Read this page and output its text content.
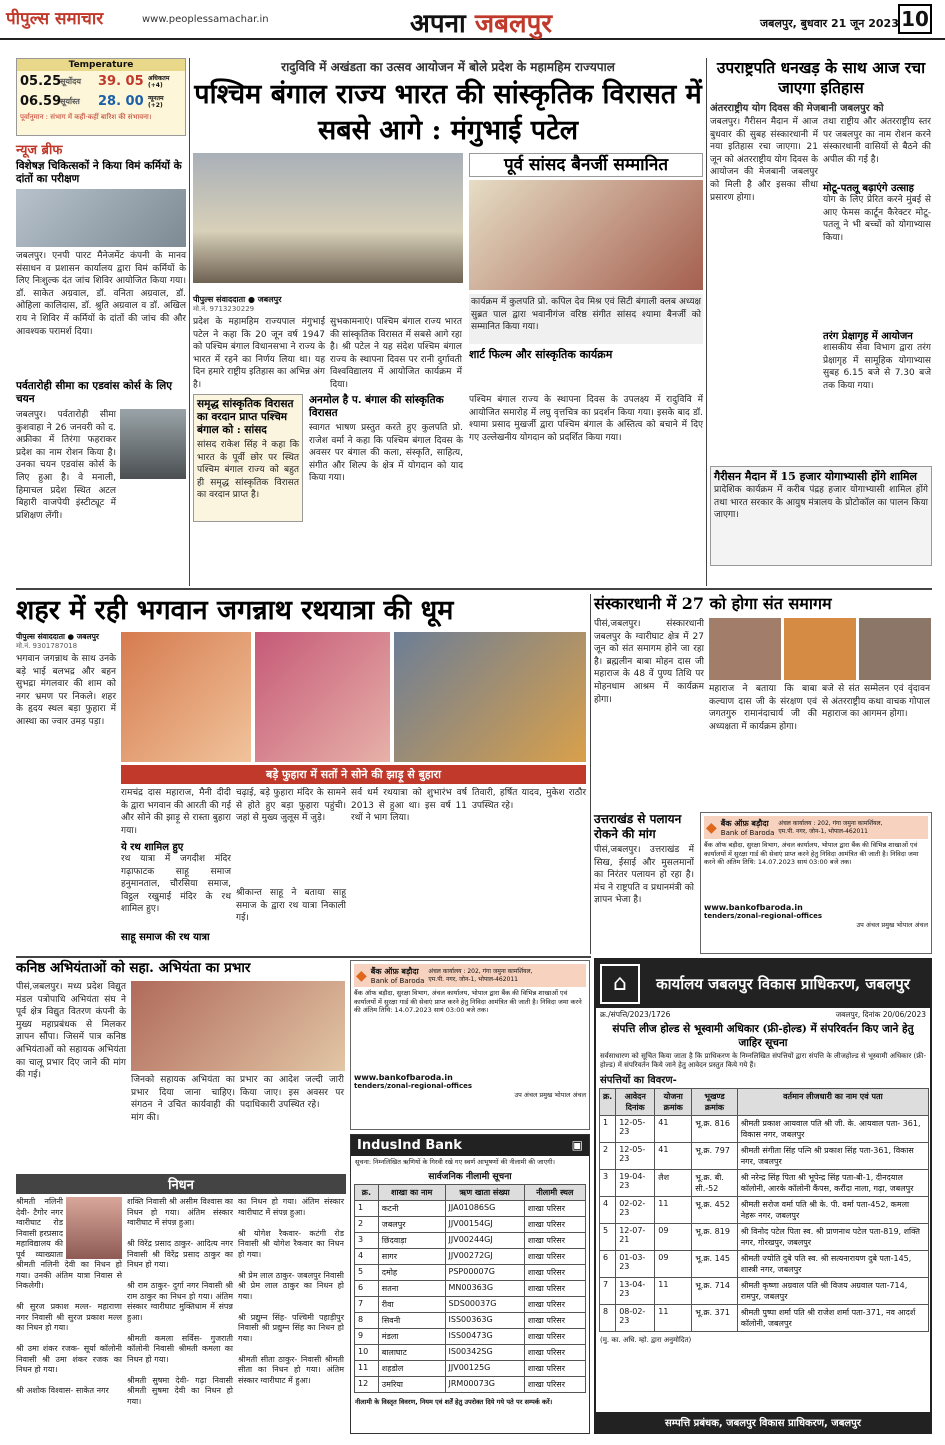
पीपुल्स समाचार	www.peoplessamachar.in	अपना जबलपुर	जबलपुर, बुधवार 21 जून 2023 10
Temperature
05.25
सूर्योदय	39. 05 अधिकतम (+4)
06.59
सूर्यास्त	28. 00 न्यूनतम (+2)
पूर्वानुमान : संभाग में कहीं-कहीं बारिश की संभावना।
न्यूज ब्रीफ
विशेषज्ञ चिकित्सकों ने किया विमं कर्मियों के दांतों का परीक्षण
जबलपुर। एनपी पारट मैनेजमेंट कंपनी के मानव संसाधन व प्रशासन कार्यालय द्वारा विमं कर्मियों के लिए निःशुल्क दंत जांच शिविर आयोजित किया गया। डॉ. साकेत अग्रवाल, डॉ. वनिता अग्रवाल, डॉ. ओहिला कालिदास, डॉ. श्रुति अग्रवाल व डॉ. अखिल राय ने शिविर में कर्मियों के दांतों की जांच की और आवश्यक परामर्श दिया।
पर्वतारोही सीमा का एडवांस कोर्स के लिए चयन
जबलपुर। पर्वतारोही सीमा कुशवाहा ने 26 जनवरी को द. अफ्रीका में तिरंगा फहराकर प्रदेश का नाम रोशन किया है। उनका चयन एडवांस कोर्स के लिए हुआ है। वे मनाली, हिमाचल प्रदेश स्थित अटल बिहारी वाजपेयी इंस्टीट्यूट में प्रशिक्षण लेंगी।
रादुविवि में अखंडता का उत्सव आयोजन में बोले प्रदेश के महामहिम राज्यपाल
पश्चिम बंगाल राज्य भारत की सांस्कृतिक विरासत में सबसे आगे : मंगुभाई पटेल
पूर्व सांसद बैनर्जी सम्मानित
पीपुल्स संवाददाता ● जबलपुर
मो.नं. 9713230229
प्रदेश के महामहिम राज्यपाल मंगुभाई पटेल ने कहा कि 20 जून वर्ष 1947 को पश्चिम बंगाल विधानसभा ने राज्य के भारत में रहने का निर्णय लिया था। यह दिन हमारे राष्ट्रीय इतिहास का अभिन्न अंग है।
सुभकामनाएं। पश्चिम बंगाल राज्य भारत की सांस्कृतिक विरासत में सबसे आगे रहा है। श्री पटेल ने यह संदेश पश्चिम बंगाल राज्य के स्थापना दिवस पर रानी दुर्गावती विश्वविद्यालय में आयोजित कार्यक्रम में दिया।
कार्यक्रम में कुलपति प्रो. कपिल देव मिश्र एवं सिटी बंगाली क्लब अध्यक्ष सुब्रत पाल द्वारा भवानीगंज वरिष्ठ संगीत सांसद श्यामा बैनर्जी को सम्मानित किया गया।
शार्ट फिल्म और सांस्कृतिक कार्यक्रम
समृद्ध सांस्कृतिक विरासत का वरदान प्राप्त पश्चिम बंगाल को : सांसद
सांसद राकेश सिंह ने कहा कि भारत के पूर्वी छोर पर स्थित पश्चिम बंगाल राज्य को बहुत ही समृद्ध सांस्कृतिक विरासत का वरदान प्राप्त है।
अनमोल है प. बंगाल की सांस्कृतिक विरासत
स्वागत भाषण प्रस्तुत करते हुए कुलपति प्रो. राजेश वर्मा ने कहा कि पश्चिम बंगाल दिवस के अवसर पर बंगाल की कला, संस्कृति, साहित्य, संगीत और शिल्प के क्षेत्र में योगदान को याद किया गया।
पश्चिम बंगाल राज्य के स्थापना दिवस के उपलक्ष्य में रादुविवि में आयोजित समारोह में लघु वृत्तचित्र का प्रदर्शन किया गया। इसके बाद डॉ. श्यामा प्रसाद मुखर्जी द्वारा पश्चिम बंगाल के अस्तित्व को बचाने में दिए गए उल्लेखनीय योगदान को प्रदर्शित किया गया।
उपराष्ट्रपति धनखड़ के साथ आज रचा जाएगा इतिहास
अंतरराष्ट्रीय योग दिवस की मेजबानी जबलपुर को
जबलपुर। गैरीसन मैदान में आज बुधवार की सुबह संस्कारधानी में नया इतिहास रचा जाएगा। 21 जून को अंतरराष्ट्रीय योग दिवस के आयोजन की मेजबानी जबलपुर को मिली है और इसका सीधा प्रसारण होगा।
तथा राष्ट्रीय और अंतरराष्ट्रीय स्तर पर जबलपुर का नाम रोशन करने संस्कारधानी वासियों से बैठने की अपील की गई है।
मोटू-पतलू बढ़ाएंगे उत्साह
योग के लिए प्रेरित करने मुंबई से आए फेमस कार्टून कैरेक्टर मोटू-पतलू ने भी बच्चों को योगाभ्यास किया।
तरंग प्रेक्षागृह में आयोजन
शासकीय सेवा विभाग द्वारा तरंग प्रेक्षागृह में सामूहिक योगाभ्यास सुबह 6.15 बजे से 7.30 बजे तक किया गया।
गैरीसन मैदान में 15 हजार योगाभ्यासी होंगे शामिल
प्रादेशिक कार्यक्रम में करीब पंद्रह हजार योगाभ्यासी शामिल होंगे तथा भारत सरकार के आयुष मंत्रालय के प्रोटोकॉल का पालन किया जाएगा।
शहर में रही भगवान जगन्नाथ रथयात्रा की धूम
पीपुल्स संवाददाता ● जबलपुर
मो.नं. 9301787018
भगवान जगन्नाथ के साथ उनके बड़े भाई बलभद्र और बहन सुभद्रा मंगलवार की शाम को नगर भ्रमण पर निकले। शहर के हृदय स्थल बड़ा फुहारा में आस्था का ज्वार उमड़ पड़ा।
बड़े फुहारा में सतों ने सोने की झाड़ू से बुहारा
रामचंद्र दास महाराज, मैनी दीदी के द्वारा भगवान की आरती की गई और सोने की झाड़ू से रास्ता बुहारा गया।
ये रथ शामिल हुए
रथ यात्रा में जगदीश मंदिर गढ़ाफाटक साहू समाज हनुमानताल, चौरसिया समाज, विट्ठल रखुमाई मंदिर के रथ शामिल हुए।
साहू समाज की रथ यात्रा
चढ़ाई, बड़े फुहारा मंदिर के सामने से होते हुए बड़ा फुहारा पहुंची। जहां से मुख्य जुलूस में जुड़े।
श्रीकान्त साहू ने बताया साहू समाज के द्वारा रथ यात्रा निकाली गई।
सर्व धर्म रथयात्रा को शुभारंभ वर्ष 2013 से हुआ था। इस वर्ष 11 रथों ने भाग लिया।
तिवारी, हर्षित यादव, मुकेश राठौर उपस्थित रहे।
संस्कारधानी में 27 को होगा संत समागम
पीसं,जबलपुर। संस्कारधानी जबलपुर के ग्वारीघाट क्षेत्र में 27 जून को संत समागम होने जा रहा है। ब्रह्मलीन बाबा मोहन दास जी महाराज के 48 वें पुण्य तिथि पर मोहनधाम आश्रम में कार्यक्रम होगा।
महाराज ने बताया कि बाबा कल्याण दास जी के संरक्षण एवं जगतगुरु रामानंदाचार्य जी की अध्यक्षता में कार्यक्रम होगा।
बजे से संत सम्मेलन एवं वृंदावन से अंतरराष्ट्रीय कथा वाचक गोपाल महाराज का आगमन होगा।
उत्तराखंड से पलायन रोकने की मांग
पीसं,जबलपुर। उत्तराखंड में सिख, ईसाई और मुसलमानों का निरंतर पलायन हो रहा है। मंच ने राष्ट्रपति व प्रधानमंत्री को ज्ञापन भेजा है।
◆ बैंक ऑफ़ बड़ौदा
Bank of Baroda
अंचल कार्यालय : 202, गंगा जमुना कामर्शियल, एम.पी. नगर, जोन-1, भोपाल-462011
बैंक ऑफ बड़ौदा, सुरक्षा विभाग, अंचल कार्यालय, भोपाल द्वारा बैंक की विभिन्न शाखाओं एवं कार्यालयों में सुरक्षा गार्ड की सेवाएं प्राप्त करने हेतु निविदा आमंत्रित की जाती है। निविदा जमा करने की अंतिम तिथि: 14.07.2023 सायं 03:00 बजे तक।
www.bankofbaroda.in
tenders/zonal-regional-offices
उप अंचल प्रमुख भोपाल अंचल
कनिष्ठ अभियंताओं को सहा. अभियंता का प्रभार
पीसं,जबलपुर। मध्य प्रदेश विद्युत मंडल पत्रोपाधि अभियंता संघ ने पूर्व क्षेत्र विद्युत वितरण कंपनी के मुख्य महाप्रबंधक से मिलकर ज्ञापन सौंपा। जिसमें पात्र कनिष्ठ अभियंताओं को सहायक अभियंता का चालू प्रभार दिए जाने की मांग की गई।	जिनको सहायक अभियंता का प्रभार दिया जाना चाहिए। संगठन ने उचित कार्यवाही की मांग की।
प्रभार का आदेश जल्दी जारी किया जाए। इस अवसर पर पदाधिकारी उपस्थित रहे।
◆ बैंक ऑफ़ बड़ौदा
Bank of Baroda
अंचल कार्यालय : 202, गंगा जमुना कामर्शियल, एम.पी. नगर, जोन-1, भोपाल-462011
बैंक ऑफ बड़ौदा, सुरक्षा विभाग, अंचल कार्यालय, भोपाल द्वारा बैंक की विभिन्न शाखाओं एवं कार्यालयों में सुरक्षा गार्ड की सेवाएं प्राप्त करने हेतु निविदा आमंत्रित की जाती है। निविदा जमा करने की अंतिम तिथि: 14.07.2023 सायं 03:00 बजे तक।
www.bankofbaroda.in
tenders/zonal-regional-offices
उप अंचल प्रमुख भोपाल अंचल
IndusInd Bank	▣
सूचना: निम्नलिखित ऋणियों के गिरवी रखे गए स्वर्ण आभूषणों की नीलामी की जाएगी।
सार्वजनिक नीलामी सूचना
क्र.	शाखा का नाम	ऋण खाता संख्या	नीलामी स्थल
1	कटनी	JJA01086SG	शाखा परिसर
2	जबलपुर	JJV00154GJ	शाखा परिसर
3	छिंदवाड़ा	JJV00244GJ	शाखा परिसर
4	सागर	JJV00272GJ	शाखा परिसर
5	दमोह	PSP00007G	शाखा परिसर
6	सतना	MN00363G	शाखा परिसर
7	रीवा	SDS00037G	शाखा परिसर
8	सिवनी	ISS00363G	शाखा परिसर
9	मंडला	ISS00473G	शाखा परिसर
10	बालाघाट	IS00342SG	शाखा परिसर
11	शहडोल	JJV00125G	शाखा परिसर
12	उमरिया	JRM00073G	शाखा परिसर
नीलामी के विस्तृत विवरण, नियम एवं शर्तें हेतु उपरोक्त दिये गये पते पर सम्पर्क करें।
निधन
श्रीमती नलिनी देवी- टैगोर नगर ग्वारीघाट रोड निवासी हरप्रसाद महाविद्यालय की पूर्व व्याख्याता श्रीमती नलिनी देवी का निधन हो गया। उनकी अंतिम यात्रा निवास से निकलेगी।

श्री सुरज प्रकाश मल्ल- महाराणा नगर निवासी श्री सुरज प्रकाश मल्ल का निधन हो गया।

श्री उमा शंकर रजक- सूर्या कॉलोनी निवासी श्री उमा शंकर रजक का निधन हो गया।

श्री अशोक विश्वास- साकेत नगर
शक्ति निवासी श्री असीम विश्वास का निधन हो गया। अंतिम संस्कार ग्वारीघाट में संपन्न हुआ।

श्री विरेंद्र प्रसाद ठाकुर- आदित्य नगर निवासी श्री विरेंद्र प्रसाद ठाकुर का निधन हो गया।

श्री राम ठाकुर- दुर्गा नगर निवासी श्री राम ठाकुर का निधन हो गया। अंतिम संस्कार ग्वारीघाट मुक्तिधाम में संपन्न हुआ।

श्रीमती कमला सर्विस- गुजराती कॉलोनी निवासी श्रीमती कमला का निधन हो गया।

श्रीमती सुषमा देवी- गढ़ा निवासी श्रीमती सुषमा देवी का निधन हो गया।
का निधन हो गया। अंतिम संस्कार ग्वारीघाट में संपन्न हुआ।

श्री योगेश रैकवार- कटंगी रोड निवासी श्री योगेश रैकवार का निधन हो गया।

श्री प्रेम लाल ठाकुर- जबलपुर निवासी श्री प्रेम लाल ठाकुर का निधन हो गया।

श्री प्रद्युम्न सिंह- पश्चिमी पहाड़ीपुर निवासी श्री प्रद्युम्न सिंह का निधन हो गया।

श्रीमती सीता ठाकुर- निवासी श्रीमती सीता का निधन हो गया। अंतिम संस्कार ग्वारीघाट में हुआ।
⌂	कार्यालय जबलपुर विकास प्राधिकरण, जबलपुर
क्र./संपत्ति/2023/1726	जबलपुर, दिनांक 20/06/2023
संपत्ति लीज होल्ड से भूस्वामी अधिकार (फ्री-होल्ड) में संपरिवर्तन किए जाने हेतु जाहिर सूचना
सर्वसाधारण को सूचित किया जाता है कि प्राधिकरण के निम्नलिखित संपत्तियों द्वारा संपत्ति के लीजहोल्ड से भूस्वामी अधिकार (फ्री-होल्ड) में संपरिवर्तन किये जाने हेतु आवेदन प्रस्तुत किये गये हैं।
संपत्तियों का विवरण-
क्र.	आवेदन दिनांक	योजना क्रमांक	भूखण्ड क्रमांक	वर्तमान लीजधारी का नाम एवं पता
1	12-05-23	41	भू.क्र. 816	श्रीमती प्रकाश आयवाल पति श्री जी. के. आयवाल पता- 361, विकास नगर, जबलपुर
2	12-05-23	41	भू.क्र. 797	श्रीमती संगीता सिंह पत्नि श्री प्रकाश सिंह पता-361, विकास नगर, जबलपुर
3	19-04-23	लैश	भू.क्र. बी. सी.-52	श्री नरेन्द्र सिंह पिता श्री भूपेन्द्र सिंह पता-बी-1, दीनदयाल कॉलोनी, आरके कॉलोनी कैंपस, करौंदा नाला, गढ़ा, जबलपुर
4	02-02-23	11	भू.क्र. 452	श्रीमती सरोज वर्मा पति श्री के. पी. वर्मा पता-452, कमला नेहरू नगर, जबलपुर
5	12-07-21	09	भू.क्र. 819	श्री विनोद पटेल पिता स्व. श्री प्राणनाथ पटेल पता-819, शक्ति नगर, गोरखपुर, जबलपुर
6	01-03-23	09	भू.क्र. 145	श्रीमती ज्योति दुबे पति स्व. श्री सत्यनारायण दुबे पता-145, शास्त्री नगर, जबलपुर
7	13-04-23	11	भू.क्र. 714	श्रीमती कृष्णा अग्रवाल पति श्री विजय अग्रवाल पता-714, रामपुर, जबलपुर
8	08-02-23	11	भू.क्र. 371	श्रीमती पुष्पा शर्मा पति श्री राजेश शर्मा पता-371, नव आदर्श कॉलोनी, जबलपुर
(मु. का. अधि. म्हो. द्वारा अनुमोदित)
सम्पत्ति प्रबंधक, जबलपुर विकास प्राधिकरण, जबलपुर
